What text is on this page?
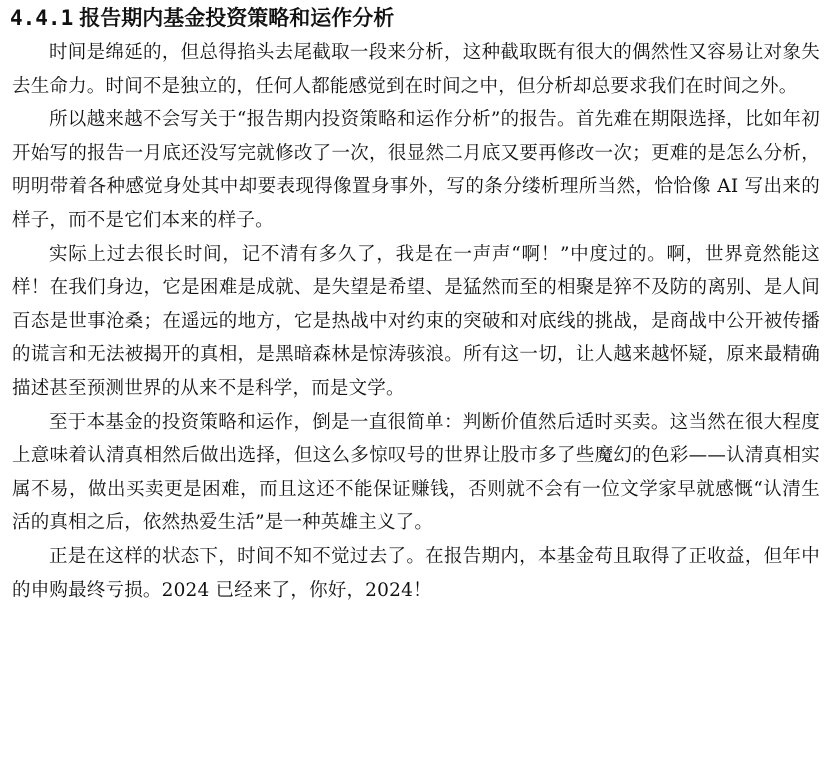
4.4.1 报告期内基金投资策略和运作分析

时间是绵延的，但总得掐头去尾截取一段来分析，这种截取既有很大的偶然性又容易让对象失去生命力。时间不是独立的，任何人都能感觉到在时间之中，但分析却总要求我们在时间之外。

所以越来越不会写关于“报告期内投资策略和运作分析”的报告。首先难在期限选择，比如年初开始写的报告一月底还没写完就修改了一次，很显然二月底又要再修改一次；更难的是怎么分析，明明带着各种感觉身处其中却要表现得像置身事外，写的条分缕析理所当然，恰恰像 AI 写出来的样子，而不是它们本来的样子。

实际上过去很长时间，记不清有多久了，我是在一声声“啊！”中度过的。啊，世界竟然能这样！在我们身边，它是困难是成就、是失望是希望、是猛然而至的相聚是猝不及防的离别、是人间百态是世事沧桑；在遥远的地方，它是热战中对约束的突破和对底线的挑战，是商战中公开被传播的谎言和无法被揭开的真相，是黑暗森林是惊涛骇浪。所有这一切，让人越来越怀疑，原来最精确描述甚至预测世界的从来不是科学，而是文学。

至于本基金的投资策略和运作，倒是一直很简单：判断价值然后适时买卖。这当然在很大程度上意味着认清真相然后做出选择，但这么多惊叹号的世界让股市多了些魔幻的色彩——认清真相实属不易，做出买卖更是困难，而且这还不能保证赚钱，否则就不会有一位文学家早就感慨“认清生活的真相之后，依然热爱生活”是一种英雄主义了。

正是在这样的状态下，时间不知不觉过去了。在报告期内，本基金苟且取得了正收益，但年中的申购最终亏损。2024 已经来了，你好，2024！
